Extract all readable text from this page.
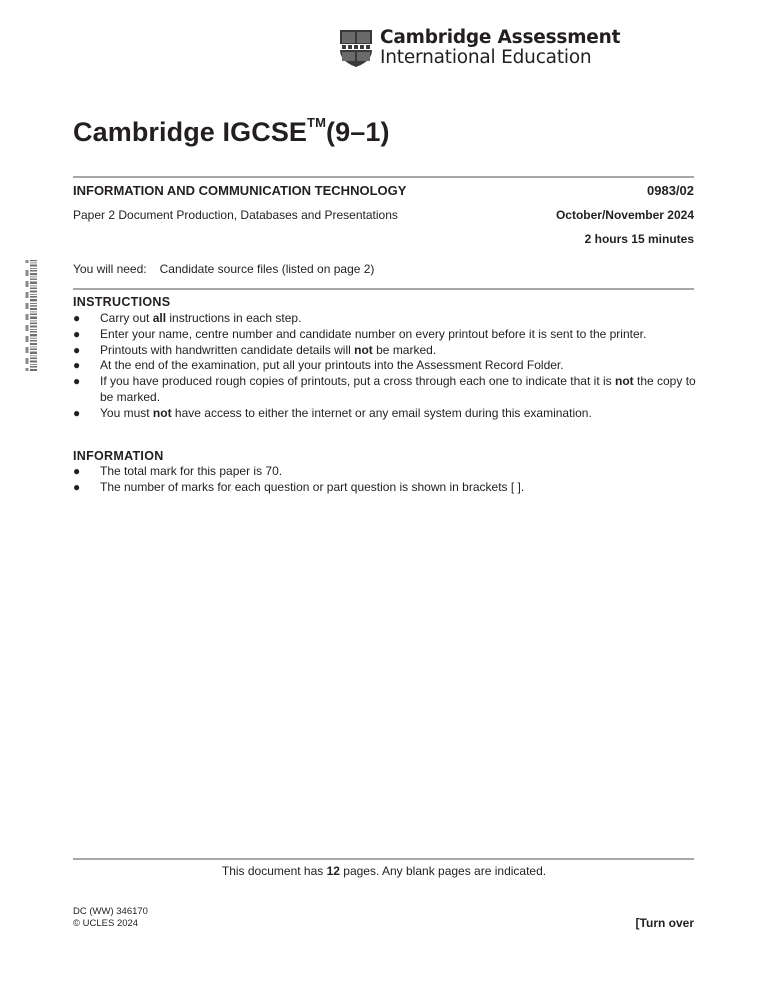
Cambridge Assessment
International Education
Cambridge IGCSE™(9–1)
INFORMATION AND COMMUNICATION TECHNOLOGY	0983/02
Paper 2 Document Production, Databases and Presentations	October/November 2024
2 hours 15 minutes
You will need: Candidate source files (listed on page 2)
INSTRUCTIONS
● Carry out all instructions in each step.
● Enter your name, centre number and candidate number on every printout before it is sent to the printer.
● Printouts with handwritten candidate details will not be marked.
● At the end of the examination, put all your printouts into the Assessment Record Folder.
● If you have produced rough copies of printouts, put a cross through each one to indicate that it is not the copy to be marked.
● You must not have access to either the internet or any email system during this examination.
INFORMATION
● The total mark for this paper is 70.
● The number of marks for each question or part question is shown in brackets [ ].
This document has 12 pages. Any blank pages are indicated.
DC (WW) 346170
© UCLES 2024	[Turn over
